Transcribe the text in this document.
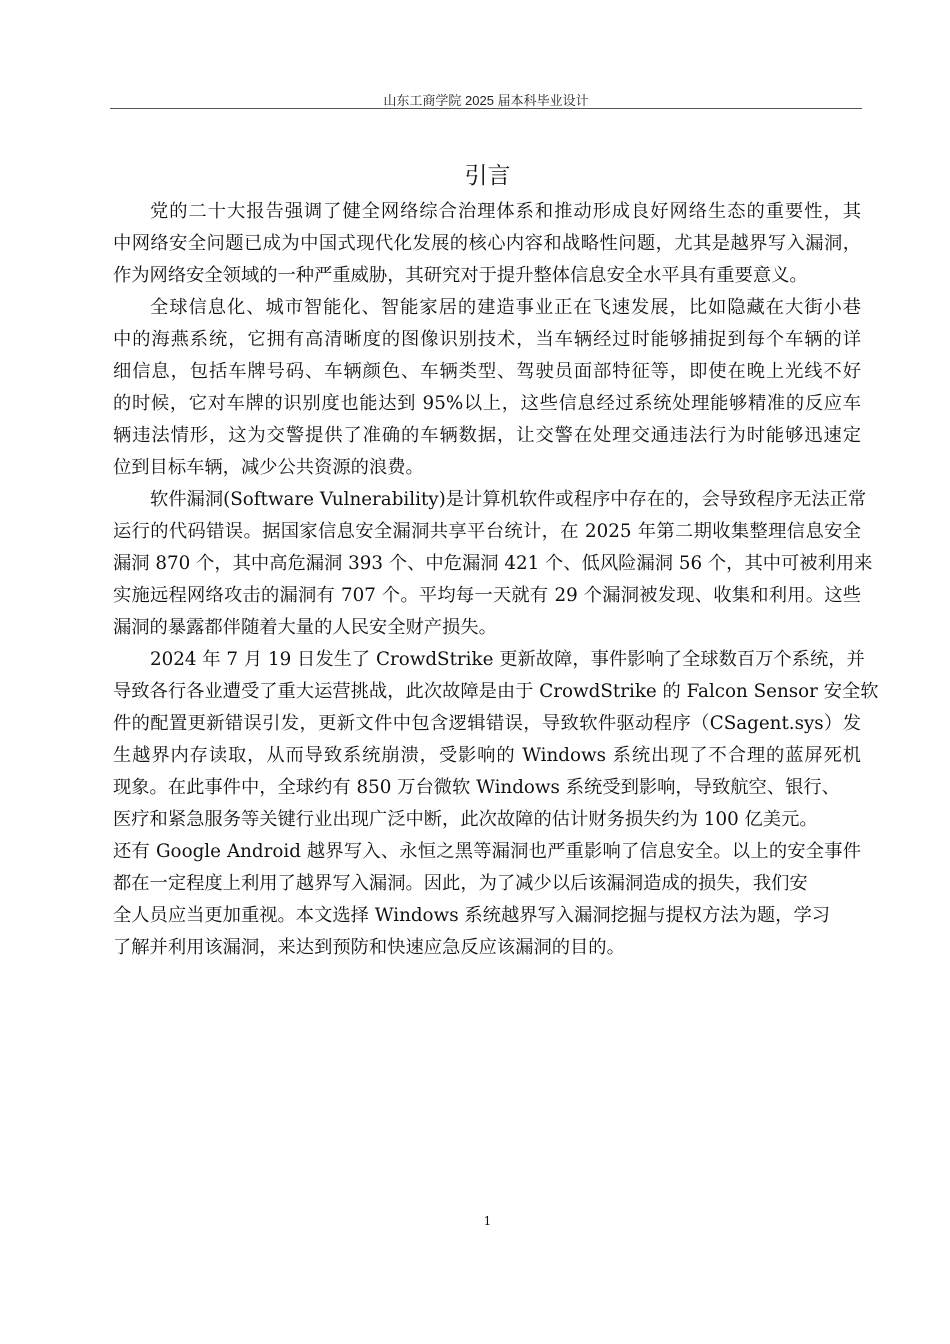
山东工商学院 2025 届本科毕业设计
引言
党的二十大报告强调了健全网络综合治理体系和推动形成良好网络生态的重要性，其
中网络安全问题已成为中国式现代化发展的核心内容和战略性问题，尤其是越界写入漏洞，
作为网络安全领域的一种严重威胁，其研究对于提升整体信息安全水平具有重要意义。
全球信息化、城市智能化、智能家居的建造事业正在飞速发展，比如隐藏在大街小巷
中的海燕系统，它拥有高清晰度的图像识别技术，当车辆经过时能够捕捉到每个车辆的详
细信息，包括车牌号码、车辆颜色、车辆类型、驾驶员面部特征等，即使在晚上光线不好
的时候，它对车牌的识别度也能达到 95%以上，这些信息经过系统处理能够精准的反应车
辆违法情形，这为交警提供了准确的车辆数据，让交警在处理交通违法行为时能够迅速定
位到目标车辆，减少公共资源的浪费。
软件漏洞(Software Vulnerability)是计算机软件或程序中存在的，会导致程序无法正常
运行的代码错误。据国家信息安全漏洞共享平台统计，在 2025 年第二期收集整理信息安全
漏洞 870 个，其中高危漏洞 393 个、中危漏洞 421 个、低风险漏洞 56 个，其中可被利用来
实施远程网络攻击的漏洞有 707 个。平均每一天就有 29 个漏洞被发现、收集和利用。这些
漏洞的暴露都伴随着大量的人民安全财产损失。
2024 年 7 月 19 日发生了 CrowdStrike 更新故障，事件影响了全球数百万个系统，并
导致各行各业遭受了重大运营挑战，此次故障是由于 CrowdStrike 的 Falcon Sensor 安全软
件的配置更新错误引发，更新文件中包含逻辑错误，导致软件驱动程序（CSagent.sys）发
生越界内存读取，从而导致系统崩溃，受影响的 Windows 系统出现了不合理的蓝屏死机
现象。在此事件中，全球约有 850 万台微软 Windows 系统受到影响，导致航空、银行、
医疗和紧急服务等关键行业出现广泛中断，此次故障的估计财务损失约为 100 亿美元。
还有 Google Android 越界写入、永恒之黑等漏洞也严重影响了信息安全。以上的安全事件
都在一定程度上利用了越界写入漏洞。因此，为了减少以后该漏洞造成的损失，我们安
全人员应当更加重视。本文选择 Windows 系统越界写入漏洞挖掘与提权方法为题，学习
了解并利用该漏洞，来达到预防和快速应急反应该漏洞的目的。
1
